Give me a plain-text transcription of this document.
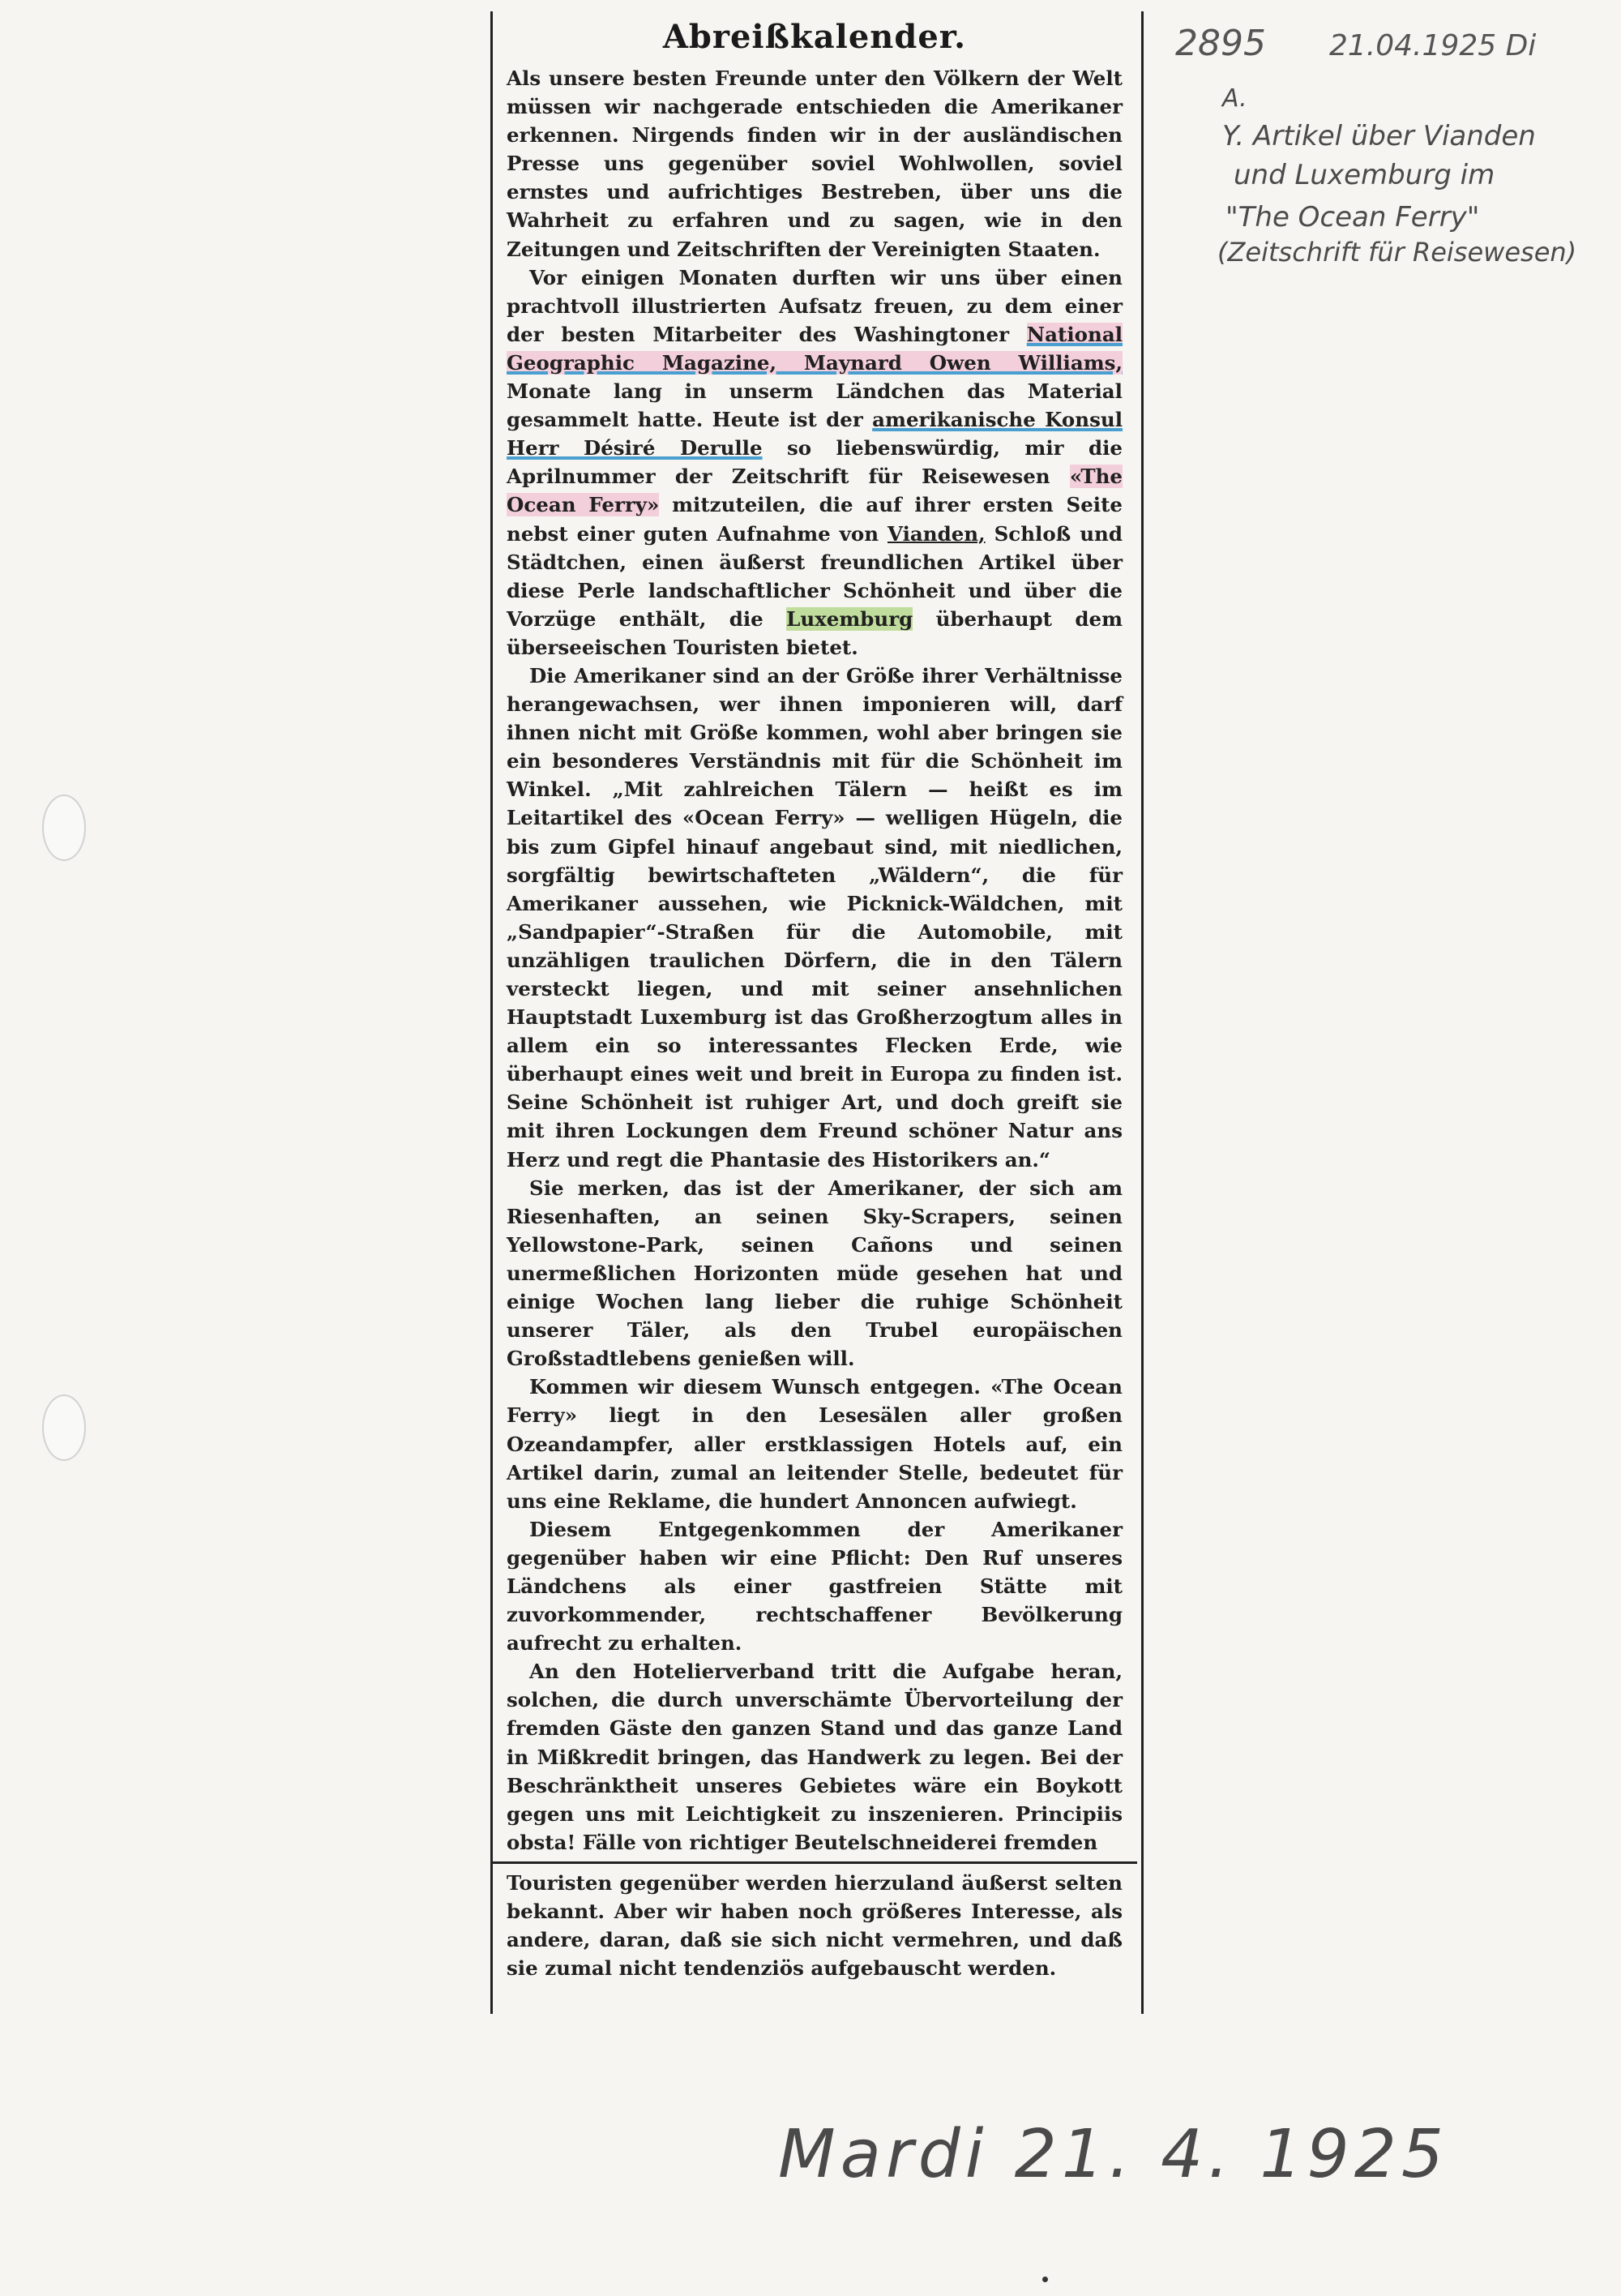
Abreißkalender.

Als unsere besten Freunde unter den Völkern der Welt müssen wir nachgerade entschieden die Amerikaner erkennen. Nirgends finden wir in der ausländischen Presse uns gegenüber soviel Wohlwollen, soviel ernstes und aufrichtiges Bestreben, über uns die Wahrheit zu erfahren und zu sagen, wie in den Zeitungen und Zeitschriften der Vereinigten Staaten.

Vor einigen Monaten durften wir uns über einen prachtvoll illustrierten Aufsatz freuen, zu dem einer der besten Mitarbeiter des Washingtoner National Geographic Magazine, Maynard Owen Williams, Monate lang in unserm Ländchen das Material gesammelt hatte. Heute ist der amerikanische Konsul Herr Désiré Derulle so liebenswürdig, mir die Aprilnummer der Zeitschrift für Reisewesen «The Ocean Ferry» mitzuteilen, die auf ihrer ersten Seite nebst einer guten Aufnahme von Vianden, Schloß und Städtchen, einen äußerst freundlichen Artikel über diese Perle landschaftlicher Schönheit und über die Vorzüge enthält, die Luxemburg überhaupt dem überseeischen Touristen bietet.

Die Amerikaner sind an der Größe ihrer Verhältnisse herangewachsen, wer ihnen imponieren will, darf ihnen nicht mit Größe kommen, wohl aber bringen sie ein besonderes Verständnis mit für die Schönheit im Winkel. „Mit zahlreichen Tälern — heißt es im Leitartikel des «Ocean Ferry» — welligen Hügeln, die bis zum Gipfel hinauf angebaut sind, mit niedlichen, sorgfältig bewirtschafteten „Wäldern“, die für Amerikaner aussehen, wie Picknick-Wäldchen, mit „Sandpapier“-Straßen für die Automobile, mit unzähligen traulichen Dörfern, die in den Tälern versteckt liegen, und mit seiner ansehnlichen Hauptstadt Luxemburg ist das Großherzogtum alles in allem ein so interessantes Flecken Erde, wie überhaupt eines weit und breit in Europa zu finden ist. Seine Schönheit ist ruhiger Art, und doch greift sie mit ihren Lockungen dem Freund schöner Natur ans Herz und regt die Phantasie des Historikers an.“

Sie merken, das ist der Amerikaner, der sich am Riesenhaften, an seinen Sky-Scrapers, seinen Yellowstone-Park, seinen Cañons und seinen unermeßlichen Horizonten müde gesehen hat und einige Wochen lang lieber die ruhige Schönheit unserer Täler, als den Trubel europäischen Großstadtlebens genießen will.

Kommen wir diesem Wunsch entgegen. «The Ocean Ferry» liegt in den Lesesälen aller großen Ozeandampfer, aller erstklassigen Hotels auf, ein Artikel darin, zumal an leitender Stelle, bedeutet für uns eine Reklame, die hundert Annoncen aufwiegt.

Diesem Entgegenkommen der Amerikaner gegenüber haben wir eine Pflicht: Den Ruf unseres Ländchens als einer gastfreien Stätte mit zuvorkommender, rechtschaffener Bevölkerung aufrecht zu erhalten.

An den Hotelierverband tritt die Aufgabe heran, solchen, die durch unverschämte Übervorteilung der fremden Gäste den ganzen Stand und das ganze Land in Mißkredit bringen, das Handwerk zu legen. Bei der Beschränktheit unseres Gebietes wäre ein Boykott gegen uns mit Leichtigkeit zu inszenieren. Principiis obsta! Fälle von richtiger Beutelschneiderei fremden

Touristen gegenüber werden hierzuland äußerst selten bekannt. Aber wir haben noch größeres Interesse, als andere, daran, daß sie sich nicht vermehren, und daß sie zumal nicht tendenziös aufgebauscht werden.

2895 21.04.1925 Di
A.
Y. Artikel über Vianden
und Luxemburg im
"The Ocean Ferry"
(Zeitschrift für Reisewesen)
Mardi 21. 4. 1925
